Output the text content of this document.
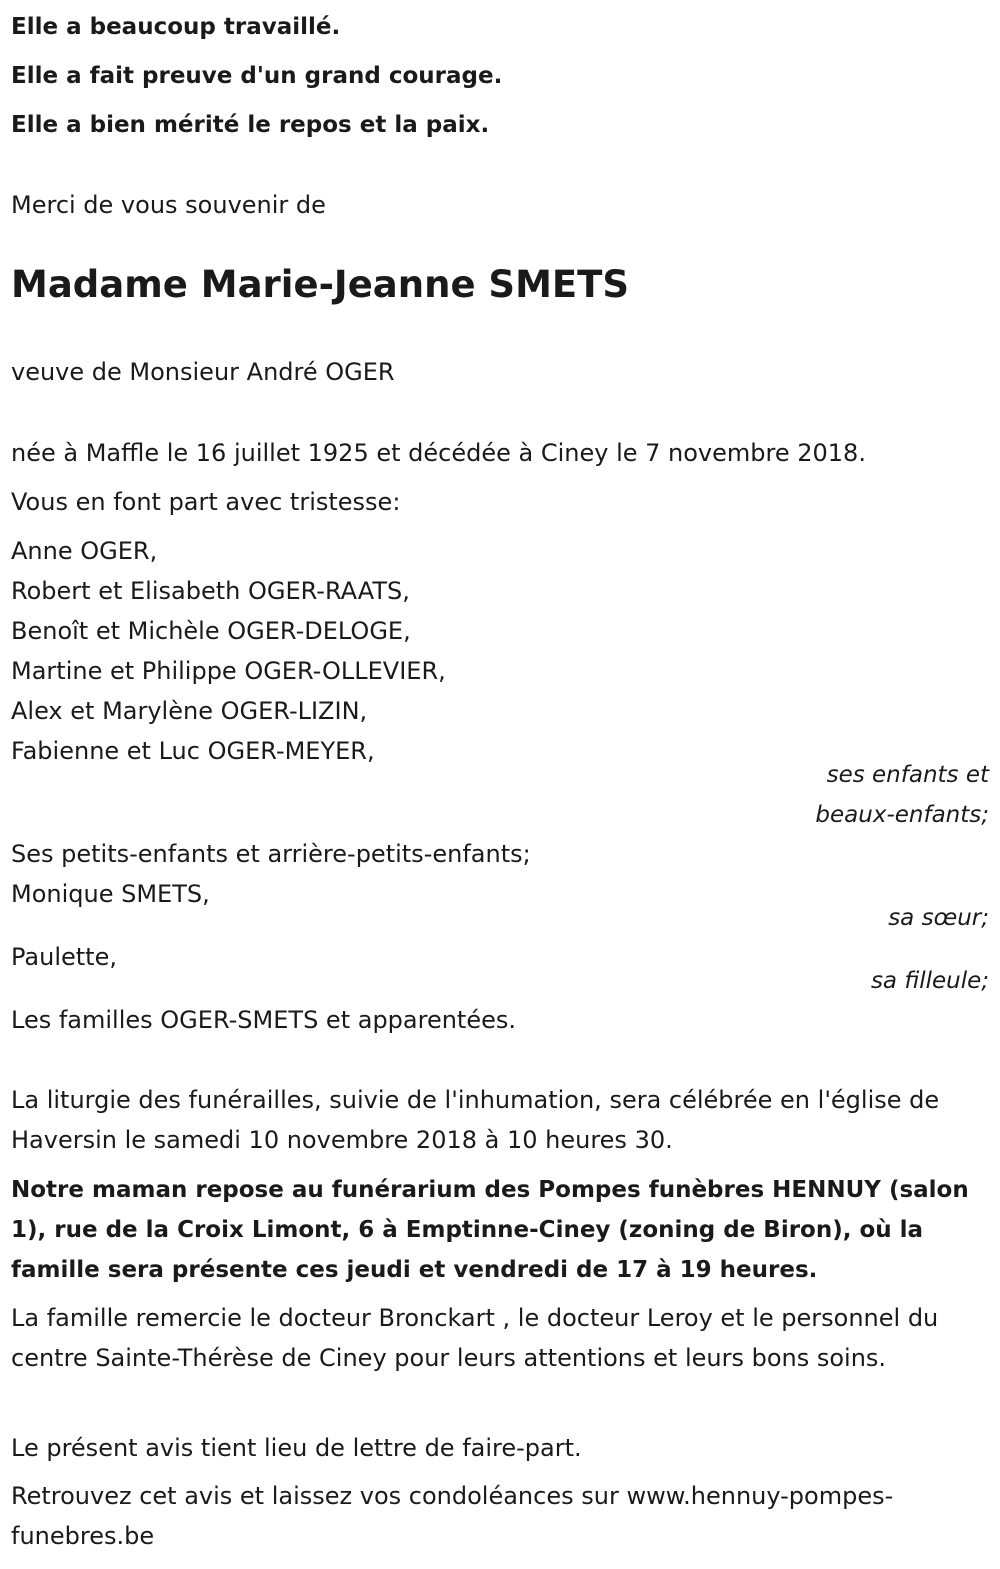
Elle a beaucoup travaillé.
Elle a fait preuve d'un grand courage.
Elle a bien mérité le repos et la paix.
Merci de vous souvenir de
Madame Marie-Jeanne SMETS
veuve de Monsieur André OGER
née à Maffle le 16 juillet 1925 et décédée à Ciney le 7 novembre 2018.
Vous en font part avec tristesse:
Anne OGER,
Robert et Elisabeth OGER-RAATS,
Benoît et Michèle OGER-DELOGE,
Martine et Philippe OGER-OLLEVIER,
Alex et Marylène OGER-LIZIN,
Fabienne et Luc OGER-MEYER,
ses enfants et
beaux-enfants;
Ses petits-enfants et arrière-petits-enfants;
Monique SMETS,
sa sœur;
Paulette,
sa filleule;
Les familles OGER-SMETS et apparentées.
La liturgie des funérailles, suivie de l'inhumation, sera célébrée en l'église de Haversin le samedi 10 novembre 2018 à 10 heures 30.
Notre maman repose au funérarium des Pompes funèbres HENNUY (salon 1), rue de la Croix Limont, 6 à Emptinne-Ciney (zoning de Biron), où la famille sera présente ces jeudi et vendredi de 17 à 19 heures.
La famille remercie le docteur Bronckart , le docteur Leroy et le personnel du centre Sainte-Thérèse de Ciney pour leurs attentions et leurs bons soins.
Le présent avis tient lieu de lettre de faire-part.
Retrouvez cet avis et laissez vos condoléances sur www.hennuy-pompes-funebres.be
